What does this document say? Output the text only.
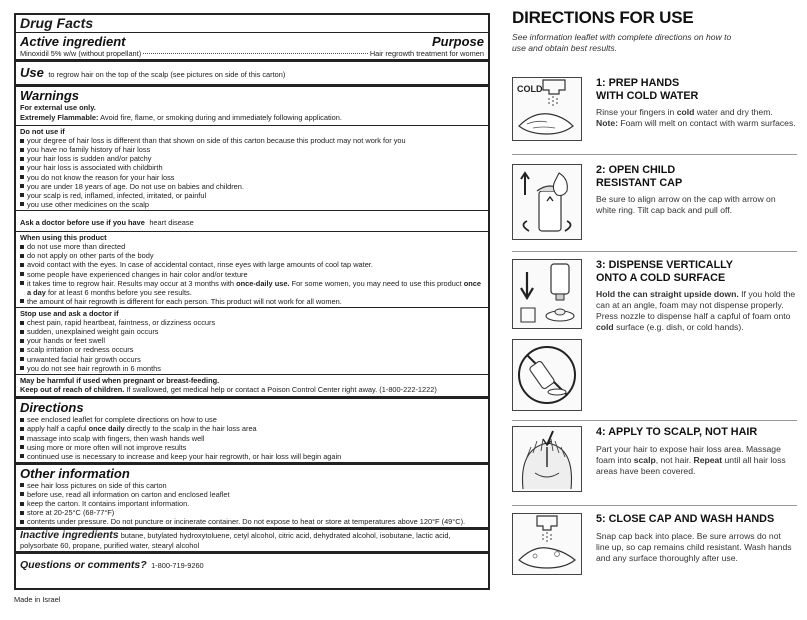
Drug Facts
Active ingredient	Purpose
Minoxidil 5% w/w (without propellant)	Hair regrowth treatment for women
Use to regrow hair on the top of the scalp (see pictures on side of this carton)
Warnings
For external use only.
Extremely Flammable: Avoid fire, flame, or smoking during and immediately following application.
Do not use if
your degree of hair loss is different than that shown on side of this carton because this product may not work for you
you have no family history of hair loss
your hair loss is sudden and/or patchy
your hair loss is associated with childbirth
you do not know the reason for your hair loss
you are under 18 years of age. Do not use on babies and children.
your scalp is red, inflamed, infected, irritated, or painful
you use other medicines on the scalp
Ask a doctor before use if you have heart disease
When using this product
do not use more than directed
do not apply on other parts of the body
avoid contact with the eyes. In case of accidental contact, rinse eyes with large amounts of cool tap water.
some people have experienced changes in hair color and/or texture
it takes time to regrow hair. Results may occur at 3 months with once-daily use. For some women, you may need to use this product once a day for at least 6 months before you see results.
the amount of hair regrowth is different for each person. This product will not work for all women.
Stop use and ask a doctor if
chest pain, rapid heartbeat, faintness, or dizziness occurs
sudden, unexplained weight gain occurs
your hands or feet swell
scalp irritation or redness occurs
unwanted facial hair growth occurs
you do not see hair regrowth in 6 months
May be harmful if used when pregnant or breast-feeding.
Keep out of reach of children. If swallowed, get medical help or contact a Poison Control Center right away. (1-800-222-1222)
Directions
see enclosed leaflet for complete directions on how to use
apply half a capful once daily directly to the scalp in the hair loss area
massage into scalp with fingers, then wash hands well
using more or more often will not improve results
continued use is necessary to increase and keep your hair regrowth, or hair loss will begin again
Other information
see hair loss pictures on side of this carton
before use, read all information on carton and enclosed leaflet
keep the carton. It contains important information.
store at 20-25°C (68-77°F)
contents under pressure. Do not puncture or incinerate container. Do not expose to heat or store at temperatures above 120°F (49°C).
Inactive ingredients butane, butylated hydroxytoluene, cetyl alcohol, citric acid, dehydrated alcohol, isobutane, lactic acid,
polysorbate 60, propane, purified water, stearyl alcohol
Questions or comments? 1-800-719-9260
Made in Israel
DIRECTIONS FOR USE
See information leaflet with complete directions on how to use and obtain best results.
COLD	1: PREP HANDS
WITH COLD WATER

Rinse your fingers in cold water and dry them. Note: Foam will melt on contact with warm surfaces.

2: OPEN CHILD
RESISTANT CAP

Be sure to align arrow on the cap with arrow on white ring. Tilt cap back and pull off.

3: DISPENSE VERTICALLY
ONTO A COLD SURFACE

Hold the can straight upside down. If you hold the can at an angle, foam may not dispense properly. Press nozzle to dispense half a capful of foam onto cold surface (e.g. dish, or cold hands).

4: APPLY TO SCALP, NOT HAIR

Part your hair to expose hair loss area. Massage foam into scalp, not hair. Repeat until all hair loss areas have been covered.

5: CLOSE CAP AND WASH HANDS

Snap cap back into place. Be sure arrows do not line up, so cap remains child resistant. Wash hands and any surface thoroughly after use.
